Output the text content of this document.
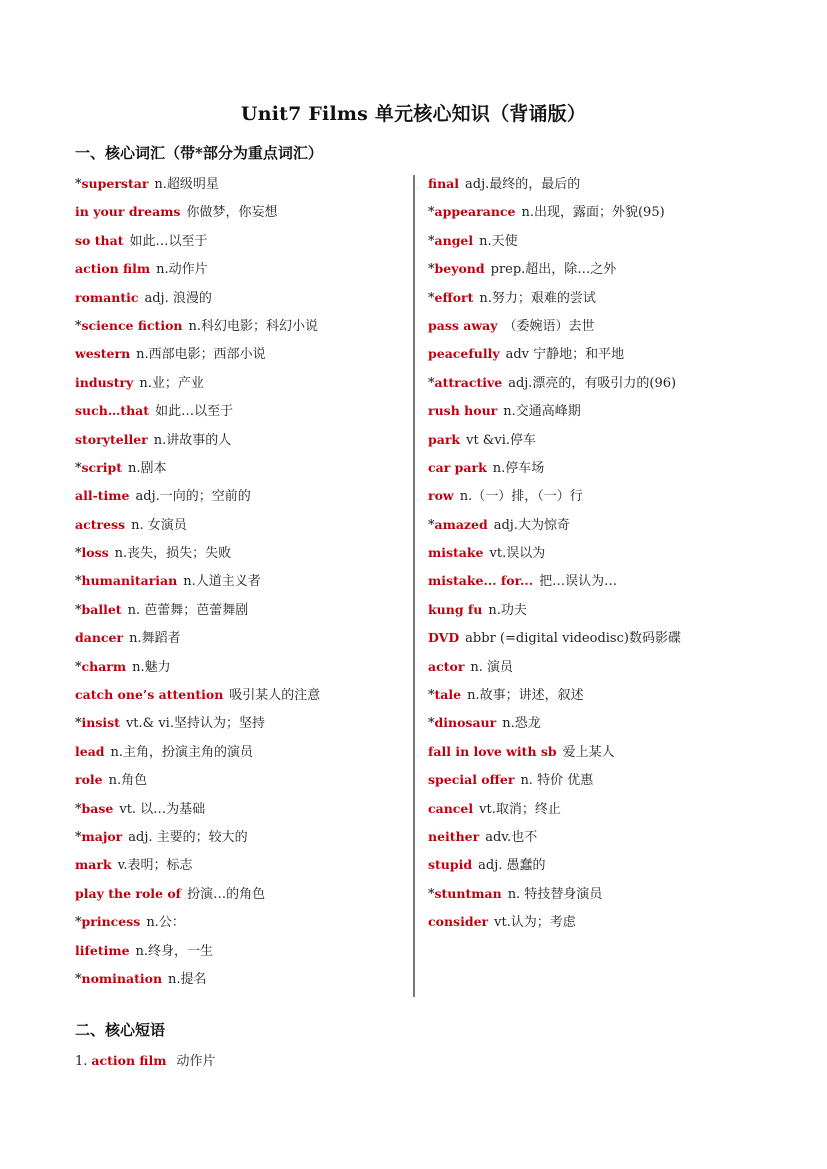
Unit7 Films 单元核心知识（背诵版）
一、核心词汇（带*部分为重点词汇）
*superstar n.超级明星
in your dreams 你做梦，你妄想
so that 如此…以至于
action film n.动作片
romantic adj. 浪漫的
*science fiction n.科幻电影；科幻小说
western n.西部电影；西部小说
industry n.业；产业
such…that 如此…以至于
storyteller n.讲故事的人
*script n.剧本
all-time adj.一向的；空前的
actress n. 女演员
*loss n.丧失，损失；失败
*humanitarian n.人道主义者
*ballet n. 芭蕾舞；芭蕾舞剧
dancer n.舞蹈者
*charm n.魅力
catch one’s attention 吸引某人的注意
*insist vt.& vi.坚持认为；坚持
lead n.主角，扮演主角的演员
role n.角色
*base vt. 以…为基础
*major adj. 主要的；较大的
mark v.表明；标志
play the role of 扮演…的角色
*princess n.公：
lifetime n.终身，一生
*nomination n.提名
final adj.最终的，最后的
*appearance n.出现，露面；外貌(95)
*angel n.天使
*beyond prep.超出，除…之外
*effort n.努力；艰难的尝试
pass away （委婉语）去世
peacefully adv 宁静地；和平地
*attractive adj.漂亮的，有吸引力的(96)
rush hour n.交通高峰期
park vt &vi.停车
car park n.停车场
row n.（一）排，（一）行
*amazed adj.大为惊奇
mistake vt.误以为
mistake... for... 把…误认为…
kung fu n.功夫
DVD abbr (=digital videodisc)数码影碟
actor n. 演员
*tale n.故事；讲述，叙述
*dinosaur n.恐龙
fall in love with sb 爱上某人
special offer n. 特价 优惠
cancel vt.取消；终止
neither adv.也不
stupid adj. 愚蠢的
*stuntman n. 特技替身演员
consider vt.认为；考虑
二、核心短语
1. action film 动作片
